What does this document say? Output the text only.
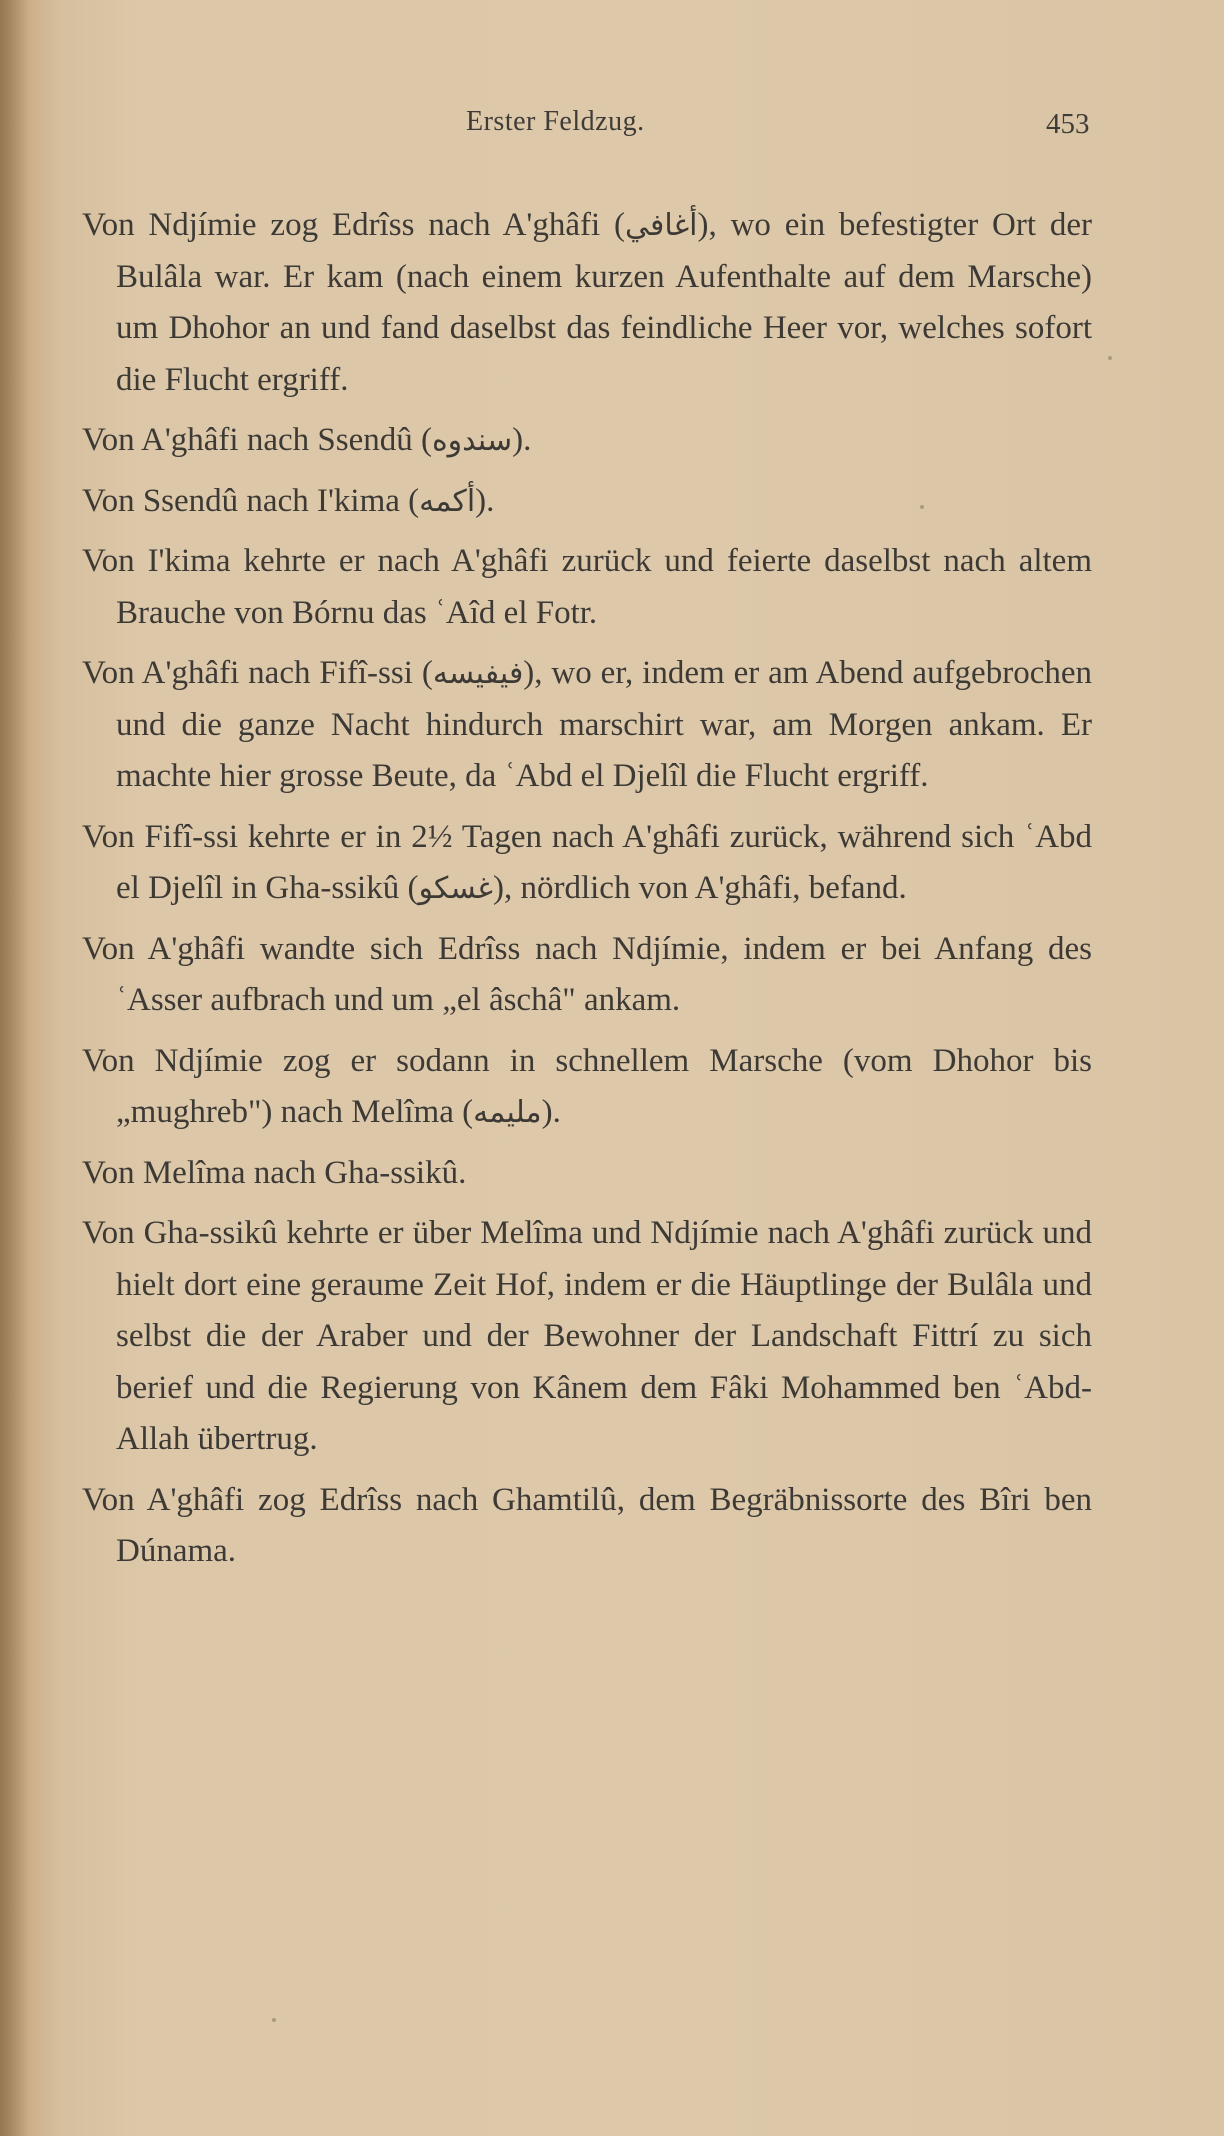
Erster Feldzug.	453

Von Ndjímie zog Edrîss nach A'ghâfi (أغافي), wo ein befestigter Ort der Bulâla war. Er kam (nach einem kurzen Aufenthalte auf dem Marsche) um Dhohor an und fand daselbst das feindliche Heer vor, welches sofort die Flucht ergriff.

Von A'ghâfi nach Ssendû (سندوه).

Von Ssendû nach I'kima (أكمه).

Von I'kima kehrte er nach A'ghâfi zurück und feierte daselbst nach altem Brauche von Bórnu das ʿAîd el Fotr.

Von A'ghâfi nach Fifî-ssi (فيفيسه), wo er, indem er am Abend aufgebrochen und die ganze Nacht hindurch marschirt war, am Morgen ankam. Er machte hier grosse Beute, da ʿAbd el Djelîl die Flucht ergriff.

Von Fifî-ssi kehrte er in 2½ Tagen nach A'ghâfi zurück, während sich ʿAbd el Djelîl in Gha-ssikû (غسكو), nördlich von A'ghâfi, befand.

Von A'ghâfi wandte sich Edrîss nach Ndjímie, indem er bei Anfang des ʿAsser aufbrach und um „el âschâ" ankam.

Von Ndjímie zog er sodann in schnellem Marsche (vom Dhohor bis „mughreb") nach Melîma (مليمه).

Von Melîma nach Gha-ssikû.

Von Gha-ssikû kehrte er über Melîma und Ndjímie nach A'ghâfi zurück und hielt dort eine geraume Zeit Hof, indem er die Häuptlinge der Bulâla und selbst die der Araber und der Bewohner der Landschaft Fittrí zu sich berief und die Regierung von Kânem dem Fâki Mohammed ben ʿAbd-Allah übertrug.

Von A'ghâfi zog Edrîss nach Ghamtilû, dem Begräbnissorte des Bîri ben Dúnama.
